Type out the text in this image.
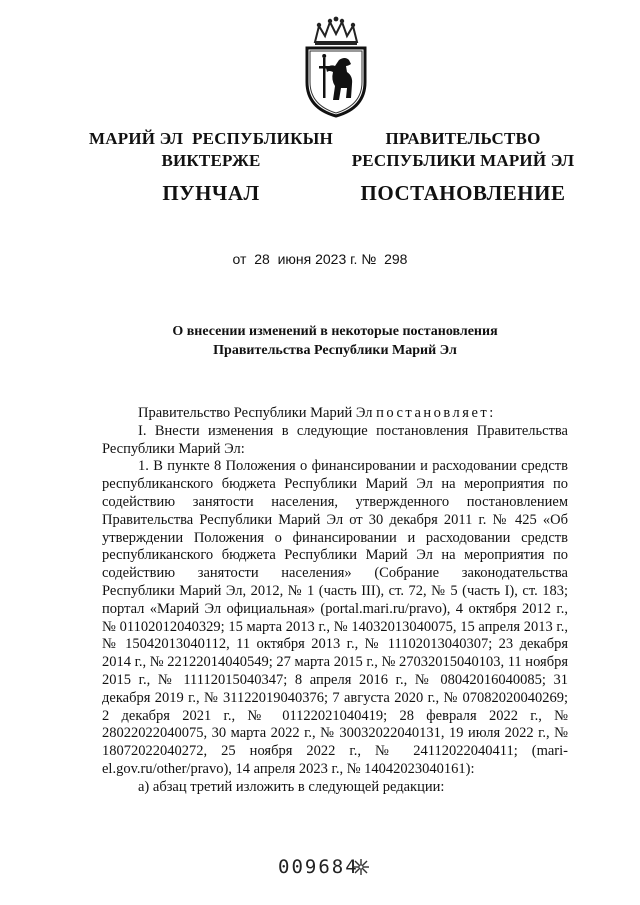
МАРИЙ ЭЛ  РЕСПУБЛИКЫН
ВИКТЕРЖЕ
ПУНЧАЛ
ПРАВИТЕЛЬСТВО
РЕСПУБЛИКИ МАРИЙ ЭЛ
ПОСТАНОВЛЕНИЕ
от 28 июня 2023 г. № 298
О внесении изменений в некоторые постановления
Правительства Республики Марий Эл

Правительство Республики Марий Эл постановляет:

I. Внести изменения в следующие постановления Правительства Республики Марий Эл:

1. В пункте 8 Положения о финансировании и расходовании средств республиканского бюджета Республики Марий Эл на мероприятия по содействию занятости населения, утвержденного постановлением Правительства Республики Марий Эл от 30 декабря 2011 г. № 425 «Об утверждении Положения о финансировании и расходовании средств республиканского бюджета Республики Марий Эл на мероприятия по содействию занятости населения» (Собрание законодательства Республики Марий Эл, 2012, № 1 (часть III), ст. 72, № 5 (часть I), ст. 183; портал «Марий Эл официальная» (portal.mari.ru/pravo), 4 октября 2012 г., № 01102012040329; 15 марта 2013 г., № 14032013040075, 15 апреля 2013 г., № 15042013040112, 11 октября 2013 г., № 11102013040307; 23 декабря 2014 г., № 22122014040549; 27 марта 2015 г., № 27032015040103, 11 ноября 2015 г., № 11112015040347; 8 апреля 2016 г., № 08042016040085; 31 декабря 2019 г., № 31122019040376; 7 августа 2020 г., № 07082020040269; 2 декабря 2021 г., № 01122021040419; 28 февраля 2022 г., № 28022022040075, 30 марта 2022 г., № 30032022040131, 19 июля 2022 г., № 18072022040272, 25 ноября 2022 г., № 24112022040411; (mari-el.gov.ru/other/pravo), 14 апреля 2023 г., № 14042023040161):

а) абзац третий изложить в следующей редакции:

009684
